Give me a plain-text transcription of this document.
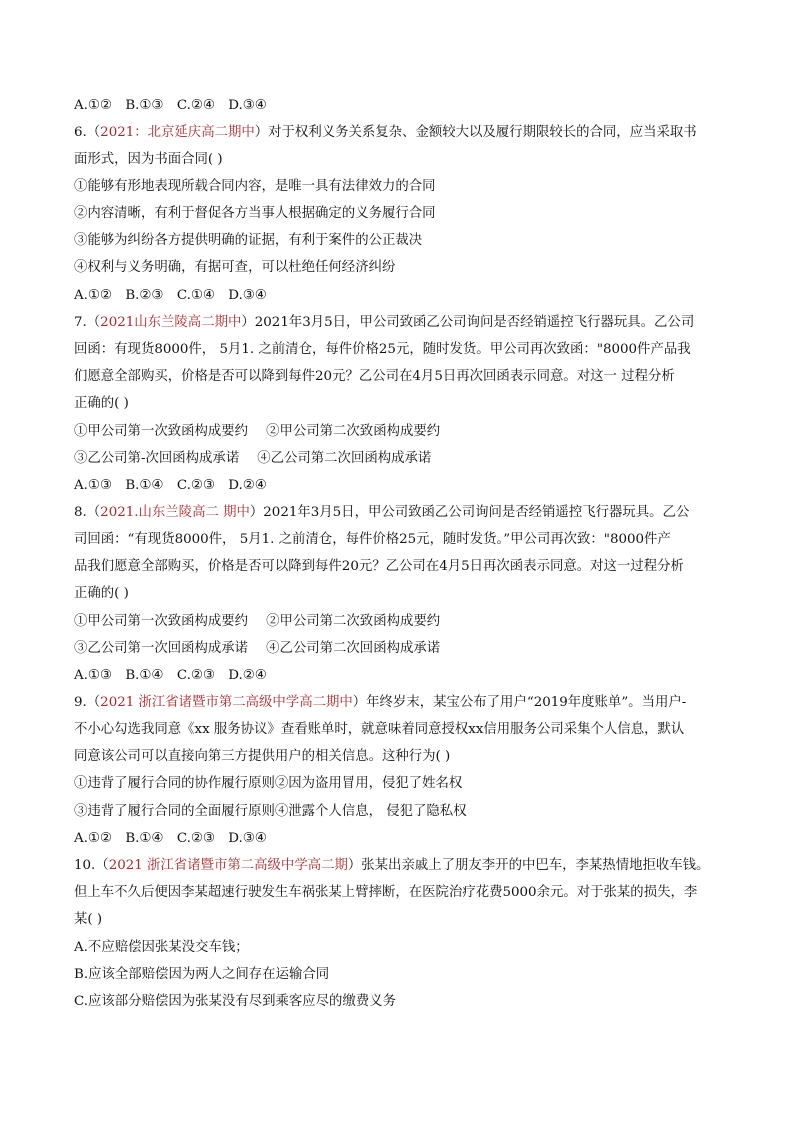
A.①②　B.①③　C.②④　D.③④
6.（2021：北京延庆高二期中）对于权利义务关系复杂、金额较大以及履行期限较长的合同，应当采取书
面形式，因为书面合同( )
①能够有形地表现所载合同内容，是唯一具有法律效力的合同
②内容清晰，有利于督促各方当事人根据确定的义务履行合同
③能够为纠纷各方提供明确的证据，有利于案件的公正裁决
④权利与义务明确，有据可查，可以杜绝任何经济纠纷
A.①②　B.②③　C.①④　D.③④
7.（2021山东兰陵高二期中）2021年3月5日，甲公司致函乙公司询问是否经销遥控飞行器玩具。乙公司
回函：有现货8000件， 5月1. 之前清仓，每件价格25元，随时发货。甲公司再次致函："8000件产品我
们愿意全部购买，价格是否可以降到每件20元？乙公司在4月5日再次回函表示同意。对这一 过程分析
正确的( )
①甲公司第一次致函构成要约 ②甲公司第二次致函构成要约
③乙公司第-次回函构成承诺 ④乙公司第二次回函构成承诺
A.①③　B.①④　C.②③　D.②④
8.（2021.山东兰陵高二 期中）2021年3月5日，甲公司致函乙公司询问是否经销遥控飞行器玩具。乙公
司回函：“有现货8000件， 5月1. 之前清仓，每件价格25元，随时发货。”甲公司再次致："8000件产
品我们愿意全部购买，价格是否可以降到每件20元？乙公司在4月5日再次函表示同意。对这一过程分析
正确的( )
①甲公司第一次致函构成要约 ②甲公司第二次致函构成要约
③乙公司第一次回函构成承诺 ④乙公司第二次回函构成承诺
A.①③　B.①④　C.②③　D.②④
9.（2021 浙江省诸暨市第二高级中学高二期中）年终岁末，某宝公布了用户“2019年度账单”。当用户-
不小心勾选我同意《xx 服务协议》查看账单时，就意味着同意授权xx信用服务公司采集个人信息，默认
同意该公司可以直接向第三方提供用户的相关信息。这种行为( )
①违背了履行合同的协作履行原则②因为盗用冒用，侵犯了姓名权
③违背了履行合同的全面履行原则④泄露个人信息， 侵犯了隐私权
A.①②　B.①④　C.②③　D.③④
10.（2021 浙江省诸暨市第二高级中学高二期）张某出亲戚上了朋友李开的中巴车，李某热情地拒收车钱。
但上车不久后便因李某超速行驶发生车祸张某上臂摔断，在医院治疗花费5000余元。对于张某的损失，李
某( )
A.不应赔偿因张某没交车钱；
B.应该全部赔偿因为两人之间存在运输合同
C.应该部分赔偿因为张某没有尽到乘客应尽的缴费义务
